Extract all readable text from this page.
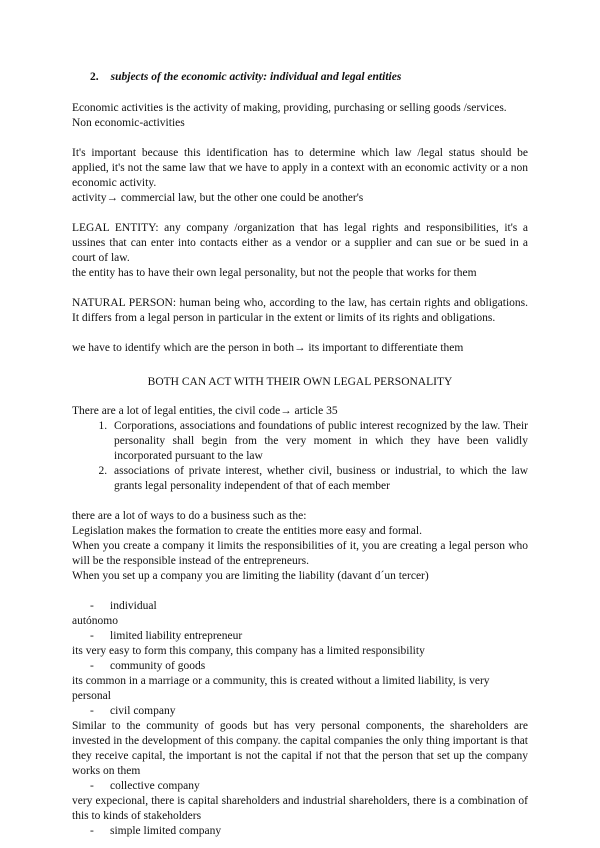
2. subjects of the economic activity: individual and legal entities

Economic activities is the activity of making, providing, purchasing or selling goods /services.

Non economic-activities

It's important because this identification has to determine which law /legal status should be applied, it's not the same law that we have to apply in a context with an economic activity or a non economic activity.

activity→ commercial law, but the other one could be another's

LEGAL ENTITY: any company /organization that has legal rights and responsibilities, it's a ussines that can enter into contacts either as a vendor or a supplier and can sue or be sued in a court of law.

the entity has to have their own legal personality, but not the people that works for them

NATURAL PERSON: human being who, according to the law, has certain rights and obligations. It differs from a legal person in particular in the extent or limits of its rights and obligations.

we have to identify which are the person in both→ its important to differentiate them

BOTH CAN ACT WITH THEIR OWN LEGAL PERSONALITY

There are a lot of legal entities, the civil code→ article 35

1. Corporations, associations and foundations of public interest recognized by the law. Their personality shall begin from the very moment in which they have been validly incorporated pursuant to the law
2. associations of private interest, whether civil, business or industrial, to which the law grants legal personality independent of that of each member

there are a lot of ways to do a business such as the:

Legislation makes the formation to create the entities more easy and formal.

When you create a company it limits the responsibilities of it, you are creating a legal person who will be the responsible instead of the entrepreneurs.

When you set up a company you are limiting the liability (davant d´un tercer)

- individual

autónomo

- limited liability entrepreneur

its very easy to form this company, this company has a limited responsibility

- community of goods

its common in a marriage or a community, this is created without a limited liability, is very personal

- civil company

Similar to the community of goods but has very personal components, the shareholders are invested in the development of this company. the capital companies the only thing important is that they receive capital, the important is not the capital if not that the person that set up the company works on them

- collective company

very expecional, there is capital shareholders and industrial shareholders, there is a combination of this to kinds of stakeholders

- simple limited company
